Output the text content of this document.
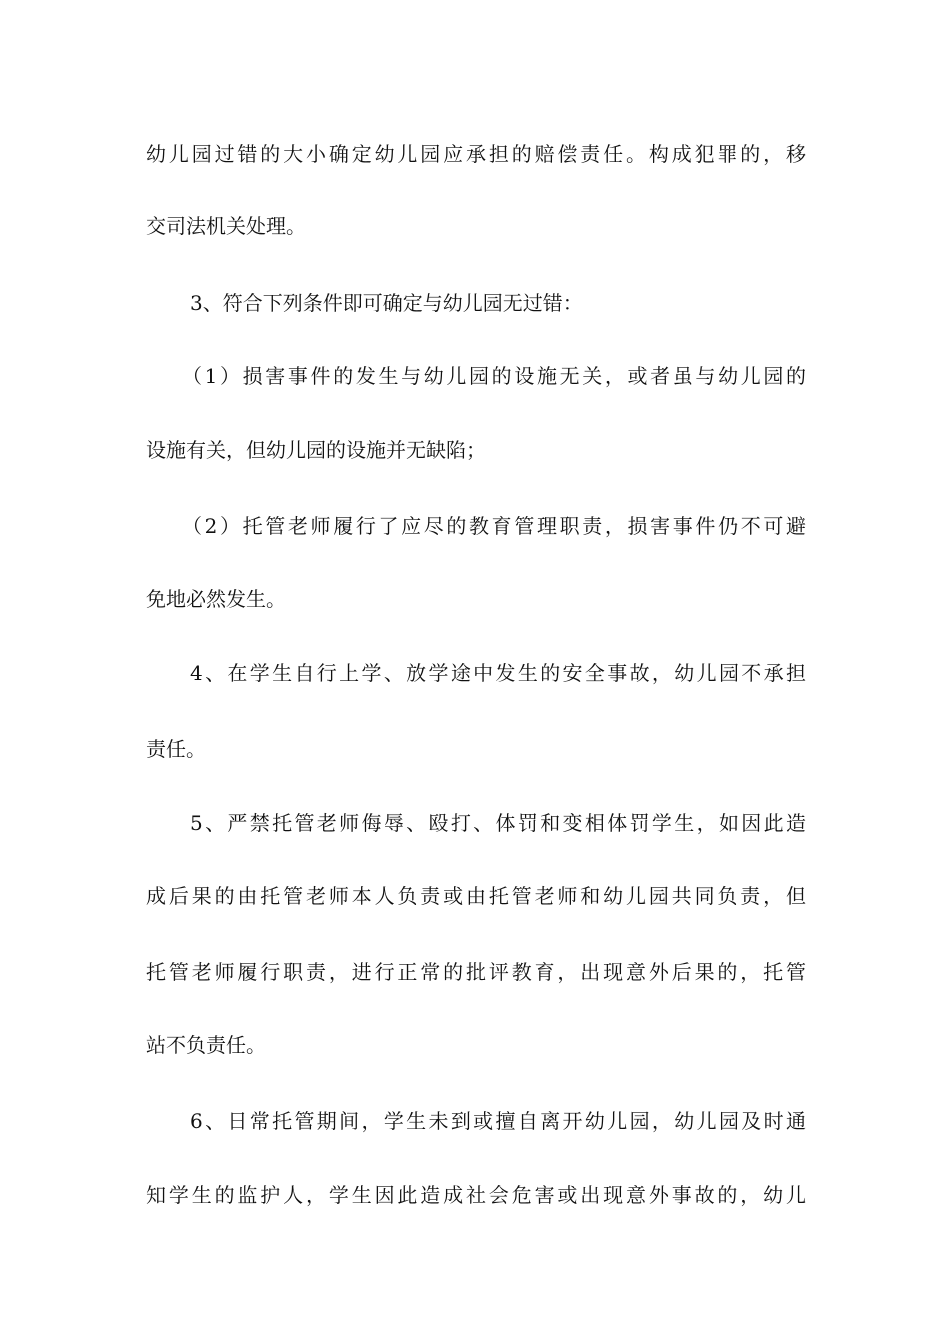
幼儿园过错的大小确定幼儿园应承担的赔偿责任。构成犯罪的，移
交司法机关处理。
3、符合下列条件即可确定与幼儿园无过错：
（1）损害事件的发生与幼儿园的设施无关，或者虽与幼儿园的
设施有关，但幼儿园的设施并无缺陷；
（2）托管老师履行了应尽的教育管理职责，损害事件仍不可避
免地必然发生。
4、在学生自行上学、放学途中发生的安全事故，幼儿园不承担
责任。
5、严禁托管老师侮辱、殴打、体罚和变相体罚学生，如因此造
成后果的由托管老师本人负责或由托管老师和幼儿园共同负责，但
托管老师履行职责，进行正常的批评教育，出现意外后果的，托管
站不负责任。
6、日常托管期间，学生未到或擅自离开幼儿园，幼儿园及时通
知学生的监护人，学生因此造成社会危害或出现意外事故的，幼儿
